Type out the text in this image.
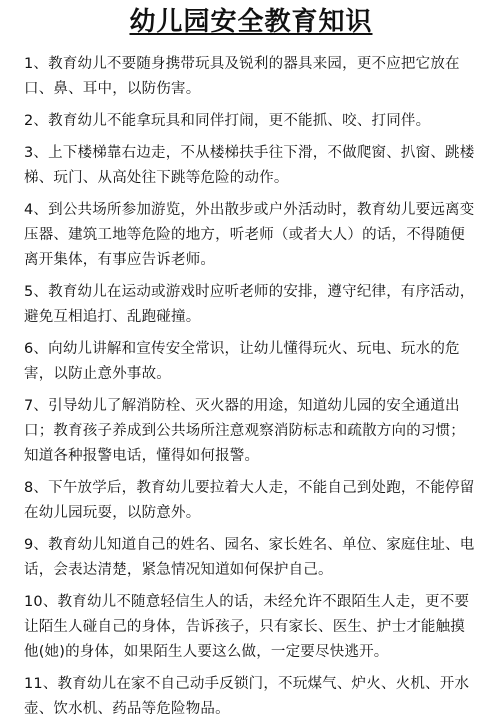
幼儿园安全教育知识
1、教育幼儿不要随身携带玩具及锐利的器具来园，更不应把它放在口、鼻、耳中，以防伤害。
2、教育幼儿不能拿玩具和同伴打闹，更不能抓、咬、打同伴。
3、上下楼梯靠右边走，不从楼梯扶手往下滑，不做爬窗、扒窗、跳楼梯、玩门、从高处往下跳等危险的动作。
4、到公共场所参加游览，外出散步或户外活动时，教育幼儿要远离变压器、建筑工地等危险的地方，听老师（或者大人）的话，不得随便离开集体，有事应告诉老师。
5、教育幼儿在运动或游戏时应听老师的安排，遵守纪律，有序活动，避免互相追打、乱跑碰撞。
6、向幼儿讲解和宣传安全常识，让幼儿懂得玩火、玩电、玩水的危害，以防止意外事故。
7、引导幼儿了解消防栓、灭火器的用途，知道幼儿园的安全通道出口；教育孩子养成到公共场所注意观察消防标志和疏散方向的习惯；知道各种报警电话，懂得如何报警。
8、下午放学后，教育幼儿要拉着大人走，不能自己到处跑，不能停留在幼儿园玩耍，以防意外。
9、教育幼儿知道自己的姓名、园名、家长姓名、单位、家庭住址、电话，会表达清楚，紧急情况知道如何保护自己。
10、教育幼儿不随意轻信生人的话，未经允许不跟陌生人走，更不要让陌生人碰自己的身体，告诉孩子，只有家长、医生、护士才能触摸他(她)的身体，如果陌生人要这么做，一定要尽快逃开。
11、教育幼儿在家不自己动手反锁门，不玩煤气、炉火、火机、开水壶、饮水机、药品等危险物品。
